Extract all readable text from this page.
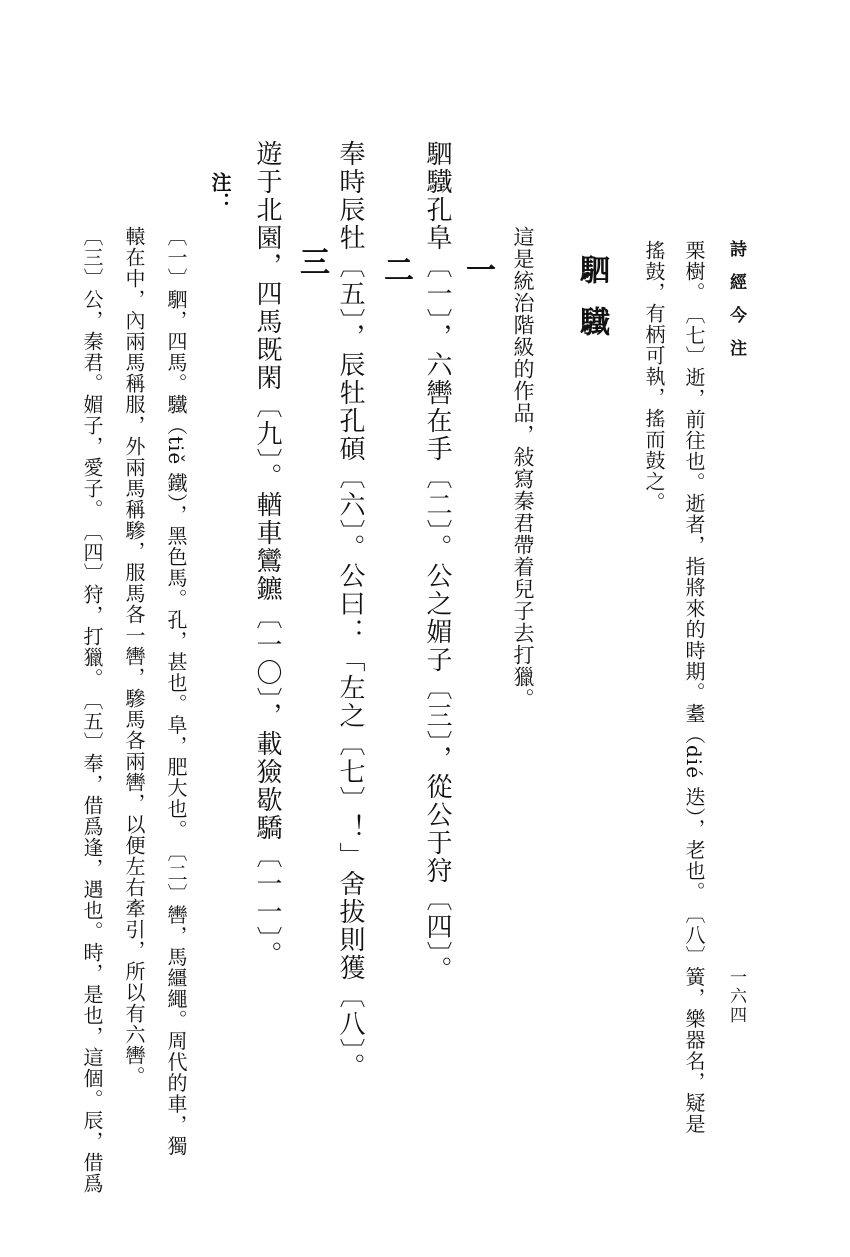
詩經今注
一六四
栗樹。　〔七〕逝，前往也。逝者，指將來的時期。耋（dié 迭），老也。　〔八〕簧，樂器名，疑是
搖鼓，有柄可執，搖而鼓之。
駟驖
這是統治階級的作品，敍寫秦君帶着兒子去打獵。
一
駟驖孔阜〔一〕，六轡在手〔二〕。公之媚子〔三〕，從公于狩〔四〕。
二
奉時辰牡〔五〕，辰牡孔碩〔六〕。公曰：「左之〔七〕！」舍拔則獲〔八〕。
三
遊于北園，四馬既閑〔九〕。輶車鸞鑣〔一〇〕，載獫歇驕〔一一〕。
注：
〔一〕駟，四馬。驖（tiě 鐵），黑色馬。孔，甚也。阜，肥大也。　〔二〕轡，馬繮繩。周代的車，獨
轅在中，內兩馬稱服，外兩馬稱驂，服馬各一轡，驂馬各兩轡，以便左右牽引，所以有六轡。
〔三〕公，秦君。媚子，愛子。　〔四〕狩，打獵。　〔五〕奉，借爲逢，遇也。時，是也，這個。辰，借爲
